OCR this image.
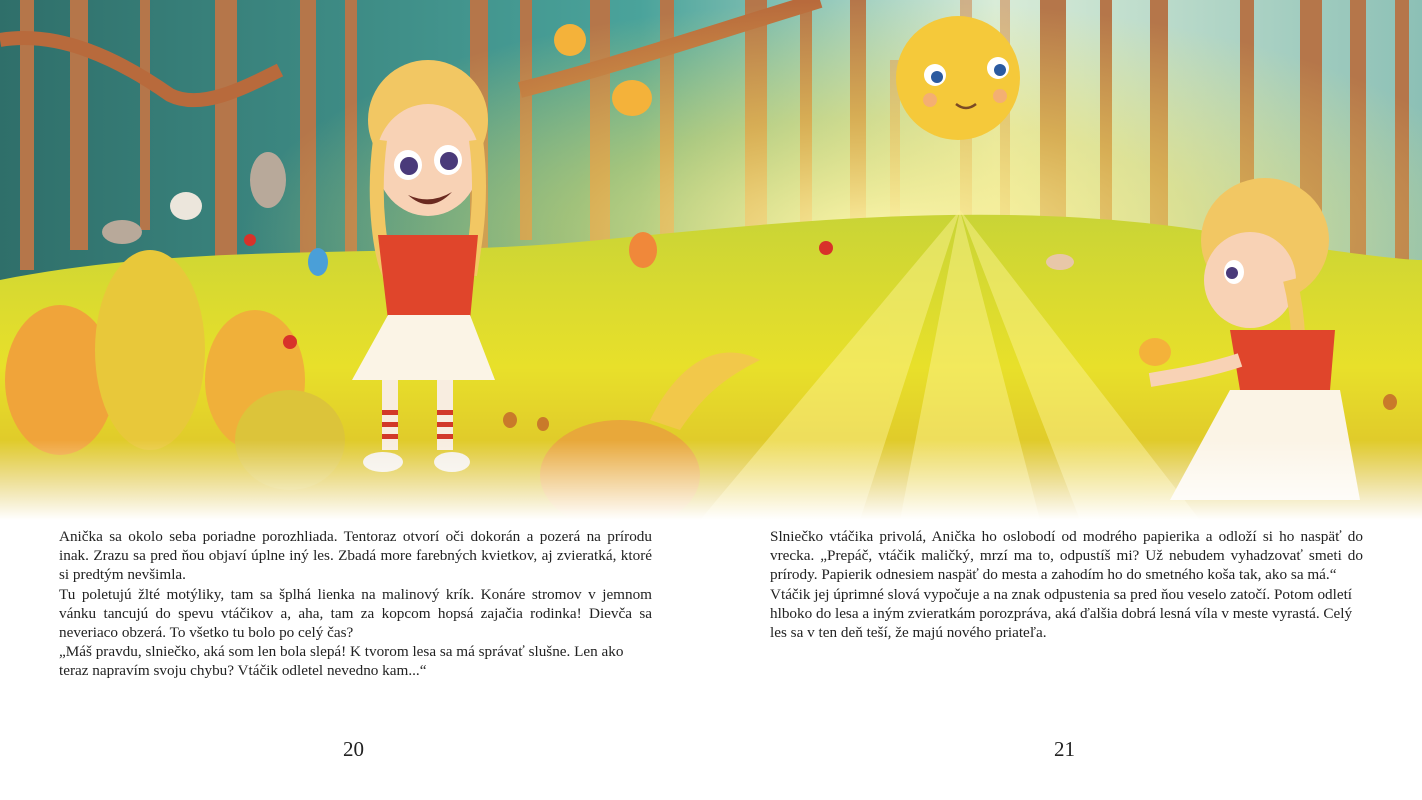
Anička sa okolo seba poriadne porozhliada. Tentoraz otvorí oči dokorán a pozerá na prírodu inak. Zrazu sa pred ňou objaví úplne iný les. Zbadá more farebných kvietkov, aj zvieratká, ktoré si predtým nevšimla.

Tu poletujú žlté motýliky, tam sa šplhá lienka na malinový krík. Konáre stromov v jemnom vánku tancujú do spevu vtáčikov a, aha, tam za kopcom hopsá zajačia rodinka! Dievča sa neveriaco obzerá. To všetko tu bolo po celý čas?

„Máš pravdu, slniečko, aká som len bola slepá! K tvorom lesa sa má správať slušne. Len ako teraz napravím svoju chybu? Vtáčik odletel nevedno kam...“

Slniečko vtáčika privolá, Anička ho oslobodí od modrého papierika a odloží si ho naspäť do vrecka. „Prepáč, vtáčik maličký, mrzí ma to, odpustíš mi? Už nebudem vyhadzovať smeti do prírody. Papierik odnesiem naspäť do mesta a zahodím ho do smetného koša tak, ako sa má.“

Vtáčik jej úprimné slová vypočuje a na znak odpustenia sa pred ňou veselo zatočí. Potom odletí hlboko do lesa a iným zvieratkám porozpráva, aká ďalšia dobrá lesná víla v meste vyrastá. Celý les sa v ten deň teší, že majú nového priateľa.

20	21
